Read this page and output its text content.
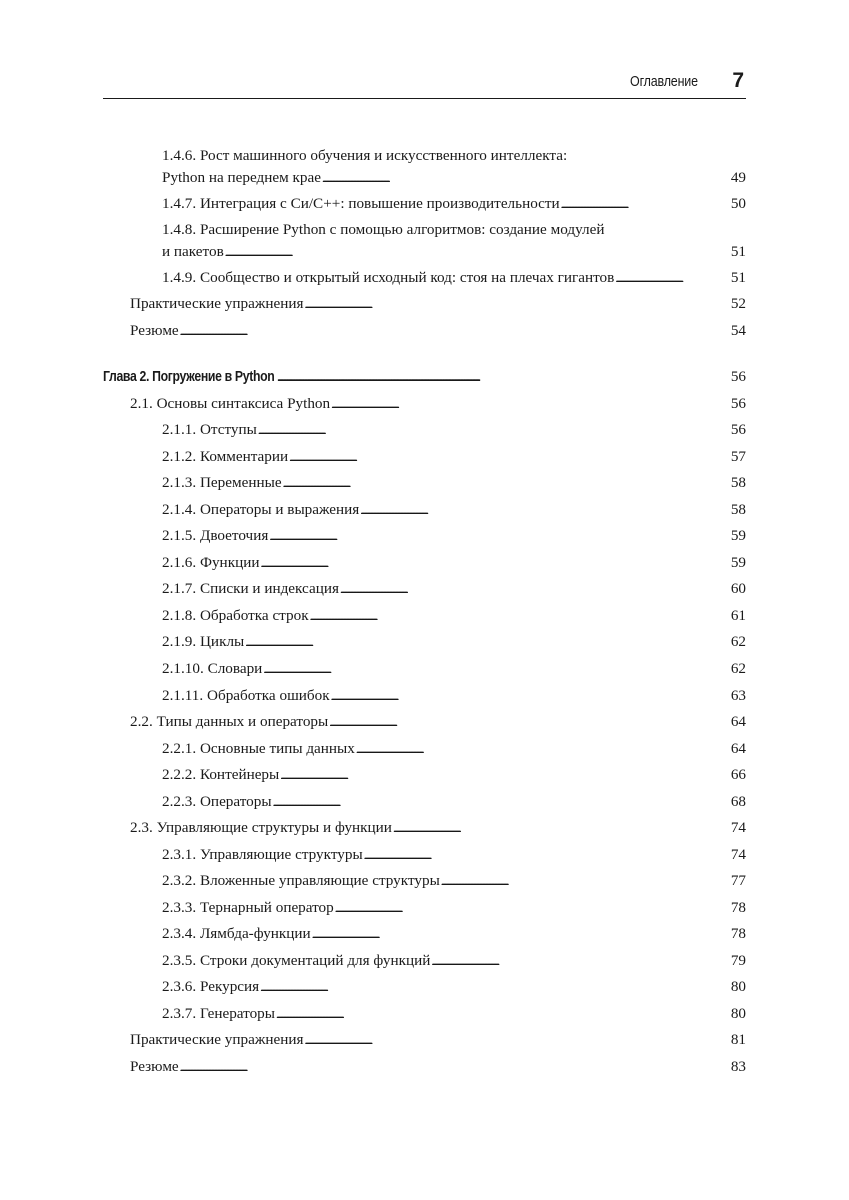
Оглавление 7
1.4.6. Рост машинного обучения и искусственного интеллекта:
Python на переднем крае . . .	49
1.4.7. Интеграция с Си/С++: повышение производительности . . .	50
1.4.8. Расширение Python с помощью алгоритмов: создание модулей
и пакетов . . .	51
1.4.9. Сообщество и открытый исходный код: стоя на плечах гигантов . . .	51
Практические упражнения . . .	52
Резюме . . .	54
Глава 2. Погружение в Python . . .	56
2.1. Основы синтаксиса Python . . .	56
2.1.1. Отступы . . .	56
2.1.2. Комментарии . . .	57
2.1.3. Переменные . . .	58
2.1.4. Операторы и выражения . . .	58
2.1.5. Двоеточия . . .	59
2.1.6. Функции . . .	59
2.1.7. Списки и индексация . . .	60
2.1.8. Обработка строк . . .	61
2.1.9. Циклы . . .	62
2.1.10. Словари . . .	62
2.1.11. Обработка ошибок . . .	63
2.2. Типы данных и операторы . . .	64
2.2.1. Основные типы данных . . .	64
2.2.2. Контейнеры . . .	66
2.2.3. Операторы . . .	68
2.3. Управляющие структуры и функции . . .	74
2.3.1. Управляющие структуры . . .	74
2.3.2. Вложенные управляющие структуры . . .	77
2.3.3. Тернарный оператор . . .	78
2.3.4. Лямбда-функции . . .	78
2.3.5. Строки документаций для функций . . .	79
2.3.6. Рекурсия . . .	80
2.3.7. Генераторы . . .	80
Практические упражнения . . .	81
Резюме . . .	83
